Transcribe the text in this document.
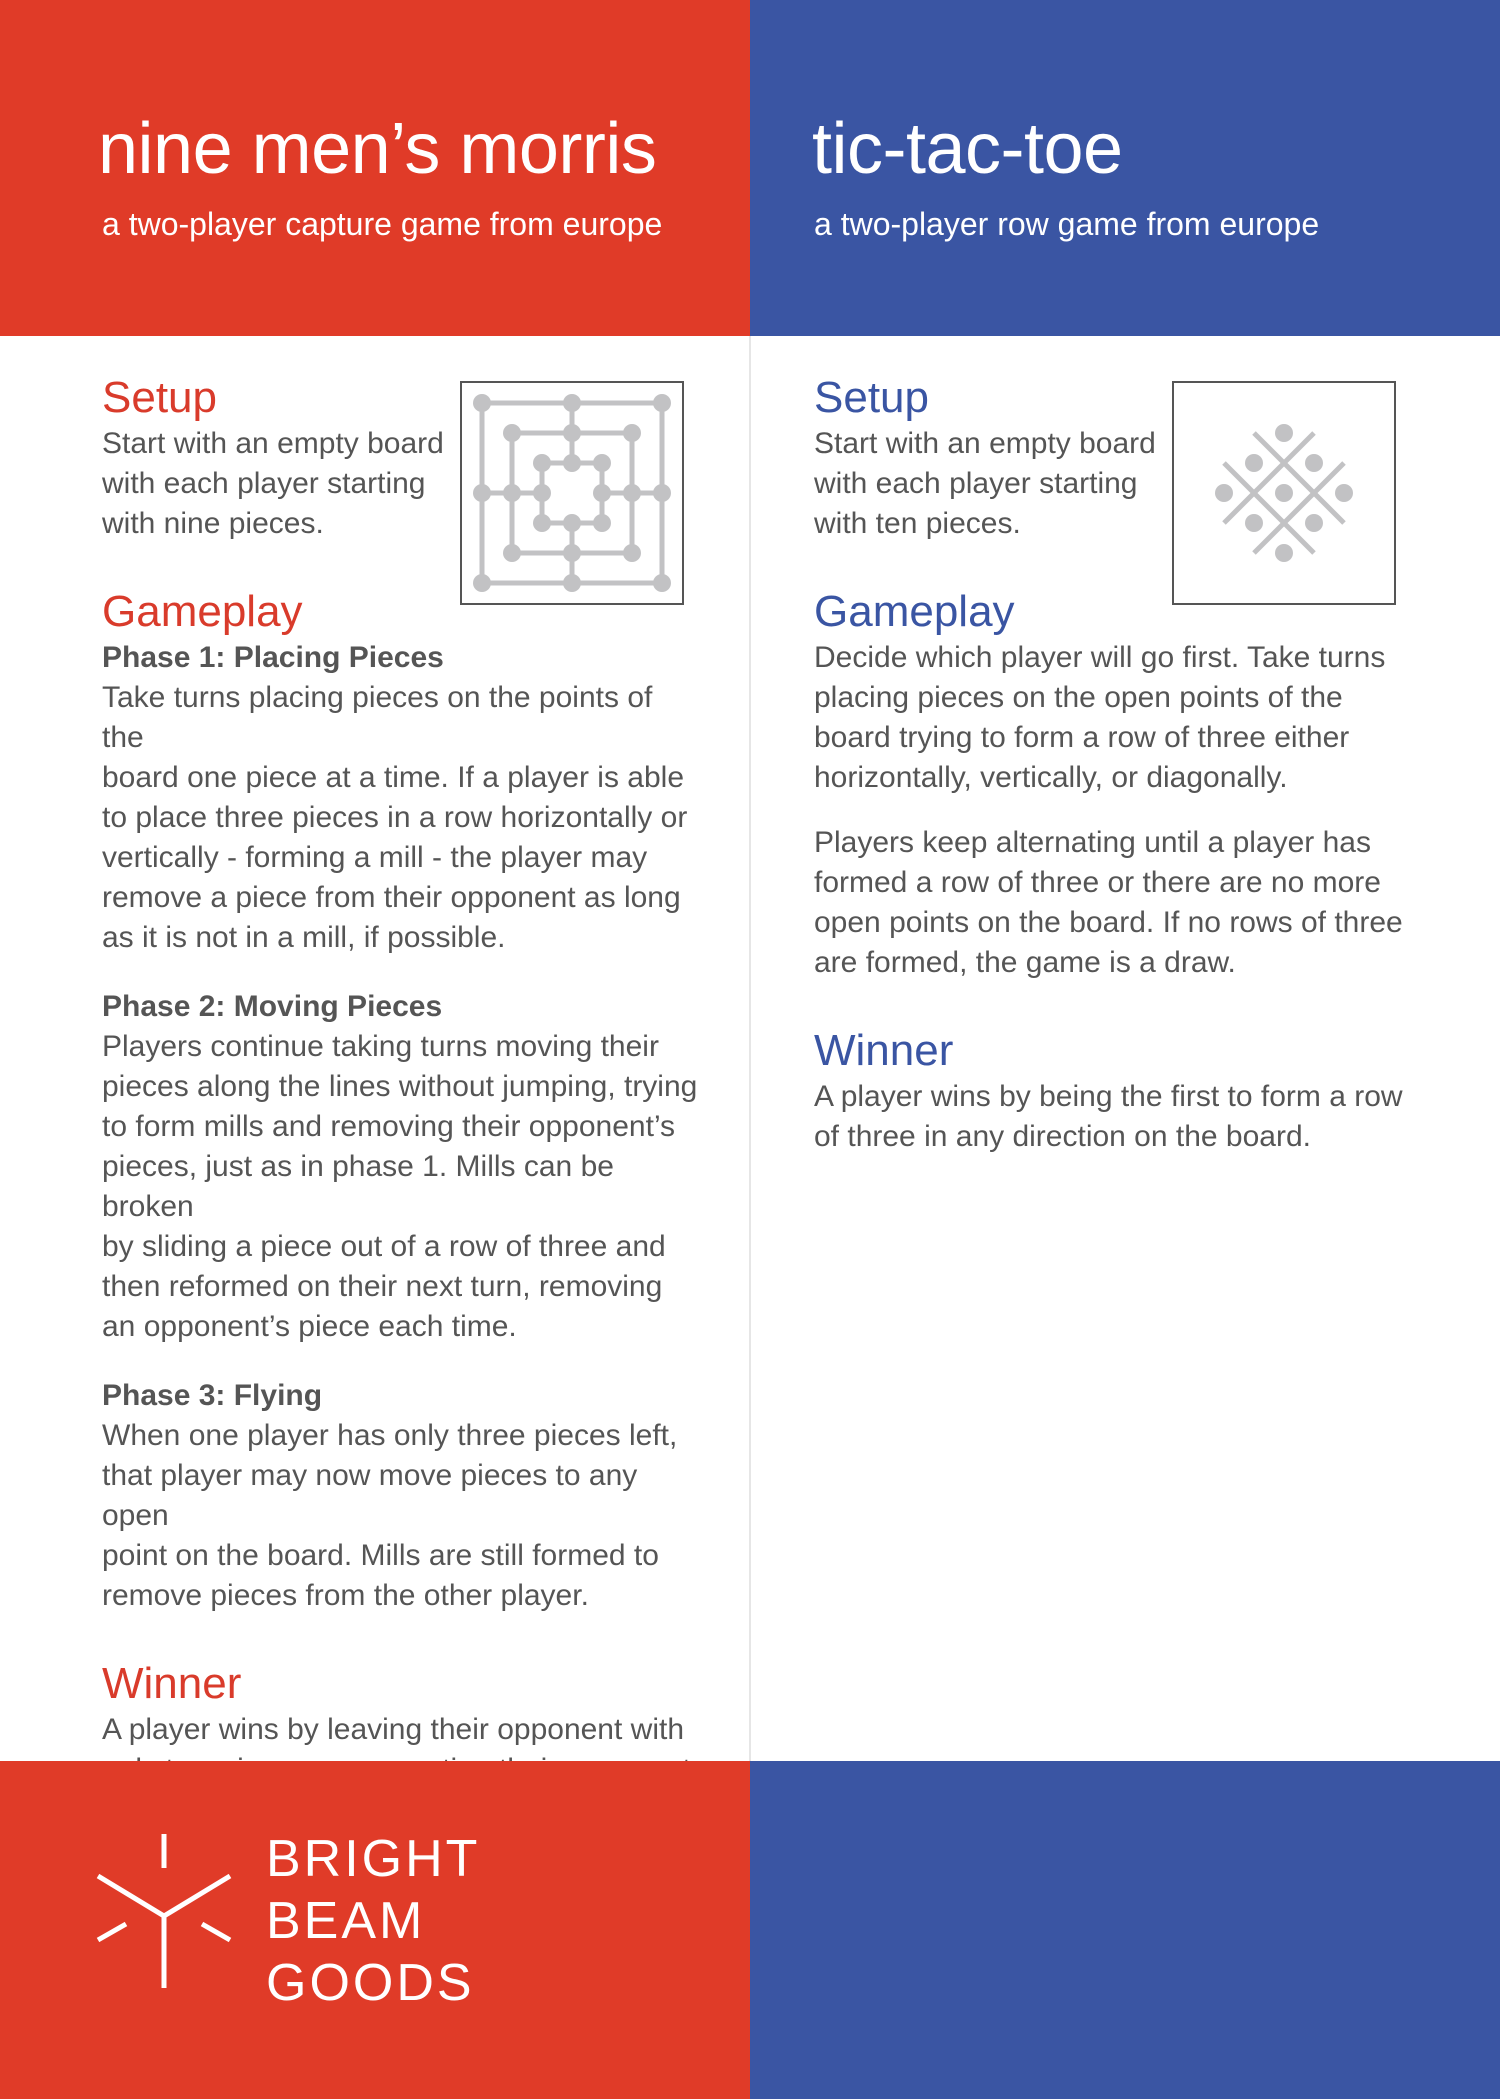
nine men’s morris
a two-player capture game from europe
tic-tac-toe
a two-player row game from europe
Setup

Start with an empty board

with each player starting

with nine pieces.

Gameplay
Phase 1: Placing Pieces

Take turns placing pieces on the points of the

board one piece at a time. If a player is able

to place three pieces in a row horizontally or

vertically - forming a mill - the player may

remove a piece from their opponent as long

as it is not in a mill, if possible.

Phase 2: Moving Pieces

Players continue taking turns moving their

pieces along the lines without jumping, trying

to form mills and removing their opponent’s

pieces, just as in phase 1. Mills can be broken

by sliding a piece out of a row of three and

then reformed on their next turn, removing

an opponent’s piece each time.

Phase 3: Flying

When one player has only three pieces left,

that player may now move pieces to any open

point on the board. Mills are still formed to

remove pieces from the other player.

Winner

A player wins by leaving their opponent with

Setup

Start with an empty board

with each player starting

with ten pieces.

Gameplay

Decide which player will go first. Take turns

placing pieces on the open points of the

board trying to form a row of three either

horizontally, vertically, or diagonally.

Players keep alternating until a player has

formed a row of three or there are no more

open points on the board. If no rows of three

are formed, the game is a draw.

Winner

A player wins by being the first to form a row

of three in any direction on the board.

BRIGHT
BEAM
GOODS
